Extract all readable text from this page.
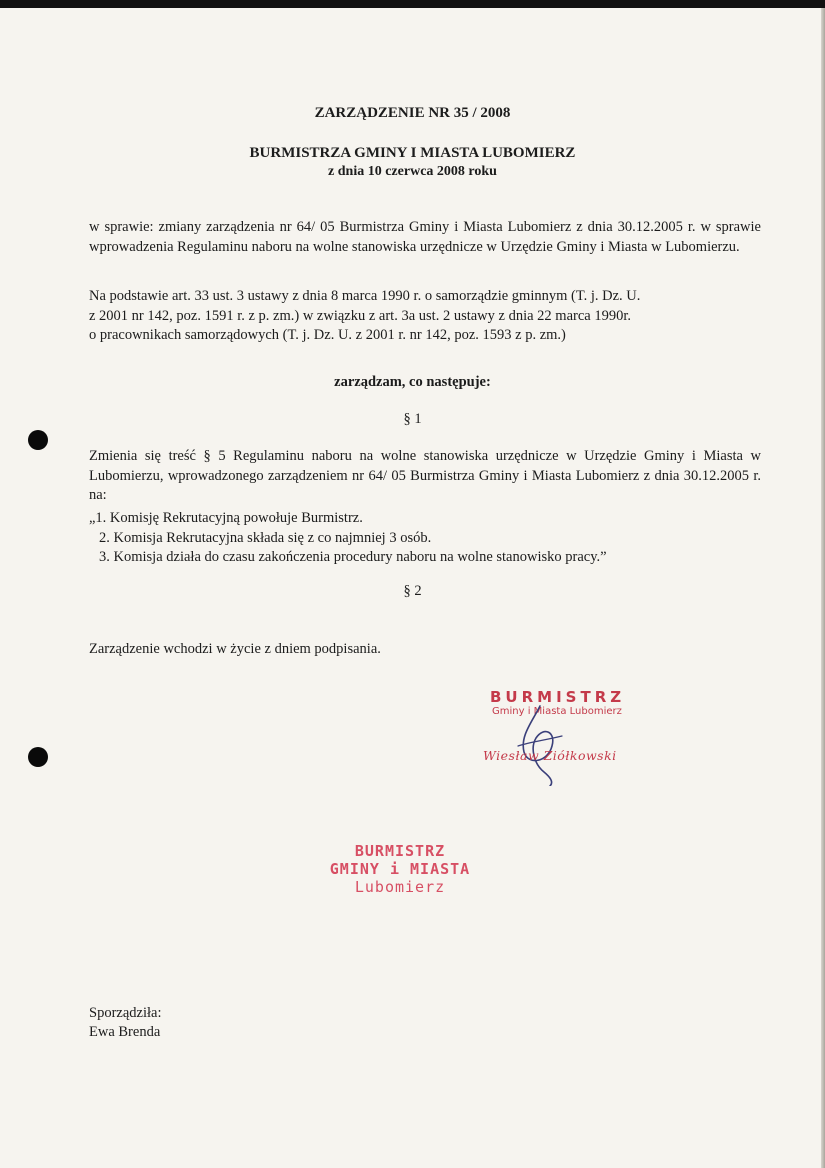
ZARZĄDZENIE NR 35 / 2008
BURMISTRZA GMINY I MIASTA LUBOMIERZ
z dnia 10 czerwca 2008 roku
w sprawie: zmiany zarządzenia nr 64/ 05 Burmistrza Gminy i Miasta Lubomierz z dnia 30.12.2005 r. w sprawie wprowadzenia Regulaminu naboru na wolne stanowiska urzędnicze w Urzędzie Gminy i Miasta w Lubomierzu.
Na podstawie art. 33 ust. 3 ustawy z dnia 8 marca 1990 r. o samorządzie gminnym (T. j. Dz. U.
z 2001 nr 142, poz. 1591 r. z p. zm.) w związku z art. 3a ust. 2 ustawy z dnia 22 marca 1990r.
o pracownikach samorządowych (T. j. Dz. U. z 2001 r. nr 142, poz. 1593 z p. zm.)
zarządzam, co następuje:
§ 1
Zmienia się treść § 5 Regulaminu naboru na wolne stanowiska urzędnicze w Urzędzie Gminy i Miasta w Lubomierzu, wprowadzonego zarządzeniem nr 64/ 05 Burmistrza Gminy i Miasta Lubomierz z dnia 30.12.2005 r. na:
„1. Komisję Rekrutacyjną powołuje Burmistrz.
2. Komisja Rekrutacyjna składa się z co najmniej 3 osób.
3. Komisja działa do czasu zakończenia procedury naboru na wolne stanowisko pracy.”
§ 2
Zarządzenie wchodzi w życie z dniem podpisania.
BURMISTRZ
Gminy i Miasta Lubomierz
Wiesław Ziółkowski
BURMISTRZ
GMINY i MIASTA
Lubomierz
Sporządziła:
Ewa Brenda
